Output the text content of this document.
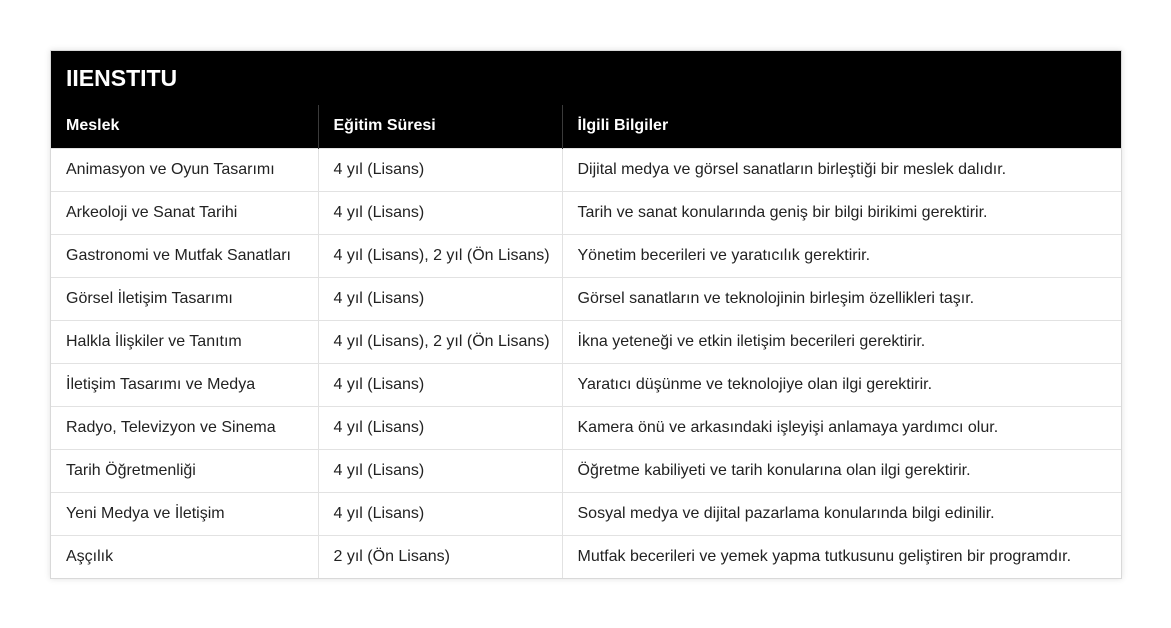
IIENSTITU
Meslek	Eğitim Süresi	İlgili Bilgiler
Animasyon ve Oyun Tasarımı	4 yıl (Lisans)	Dijital medya ve görsel sanatların birleştiği bir meslek dalıdır.
Arkeoloji ve Sanat Tarihi	4 yıl (Lisans)	Tarih ve sanat konularında geniş bir bilgi birikimi gerektirir.
Gastronomi ve Mutfak Sanatları	4 yıl (Lisans), 2 yıl (Ön Lisans)	Yönetim becerileri ve yaratıcılık gerektirir.
Görsel İletişim Tasarımı	4 yıl (Lisans)	Görsel sanatların ve teknolojinin birleşim özellikleri taşır.
Halkla İlişkiler ve Tanıtım	4 yıl (Lisans), 2 yıl (Ön Lisans)	İkna yeteneği ve etkin iletişim becerileri gerektirir.
İletişim Tasarımı ve Medya	4 yıl (Lisans)	Yaratıcı düşünme ve teknolojiye olan ilgi gerektirir.
Radyo, Televizyon ve Sinema	4 yıl (Lisans)	Kamera önü ve arkasındaki işleyişi anlamaya yardımcı olur.
Tarih Öğretmenliği	4 yıl (Lisans)	Öğretme kabiliyeti ve tarih konularına olan ilgi gerektirir.
Yeni Medya ve İletişim	4 yıl (Lisans)	Sosyal medya ve dijital pazarlama konularında bilgi edinilir.
Aşçılık	2 yıl (Ön Lisans)	Mutfak becerileri ve yemek yapma tutkusunu geliştiren bir programdır.
